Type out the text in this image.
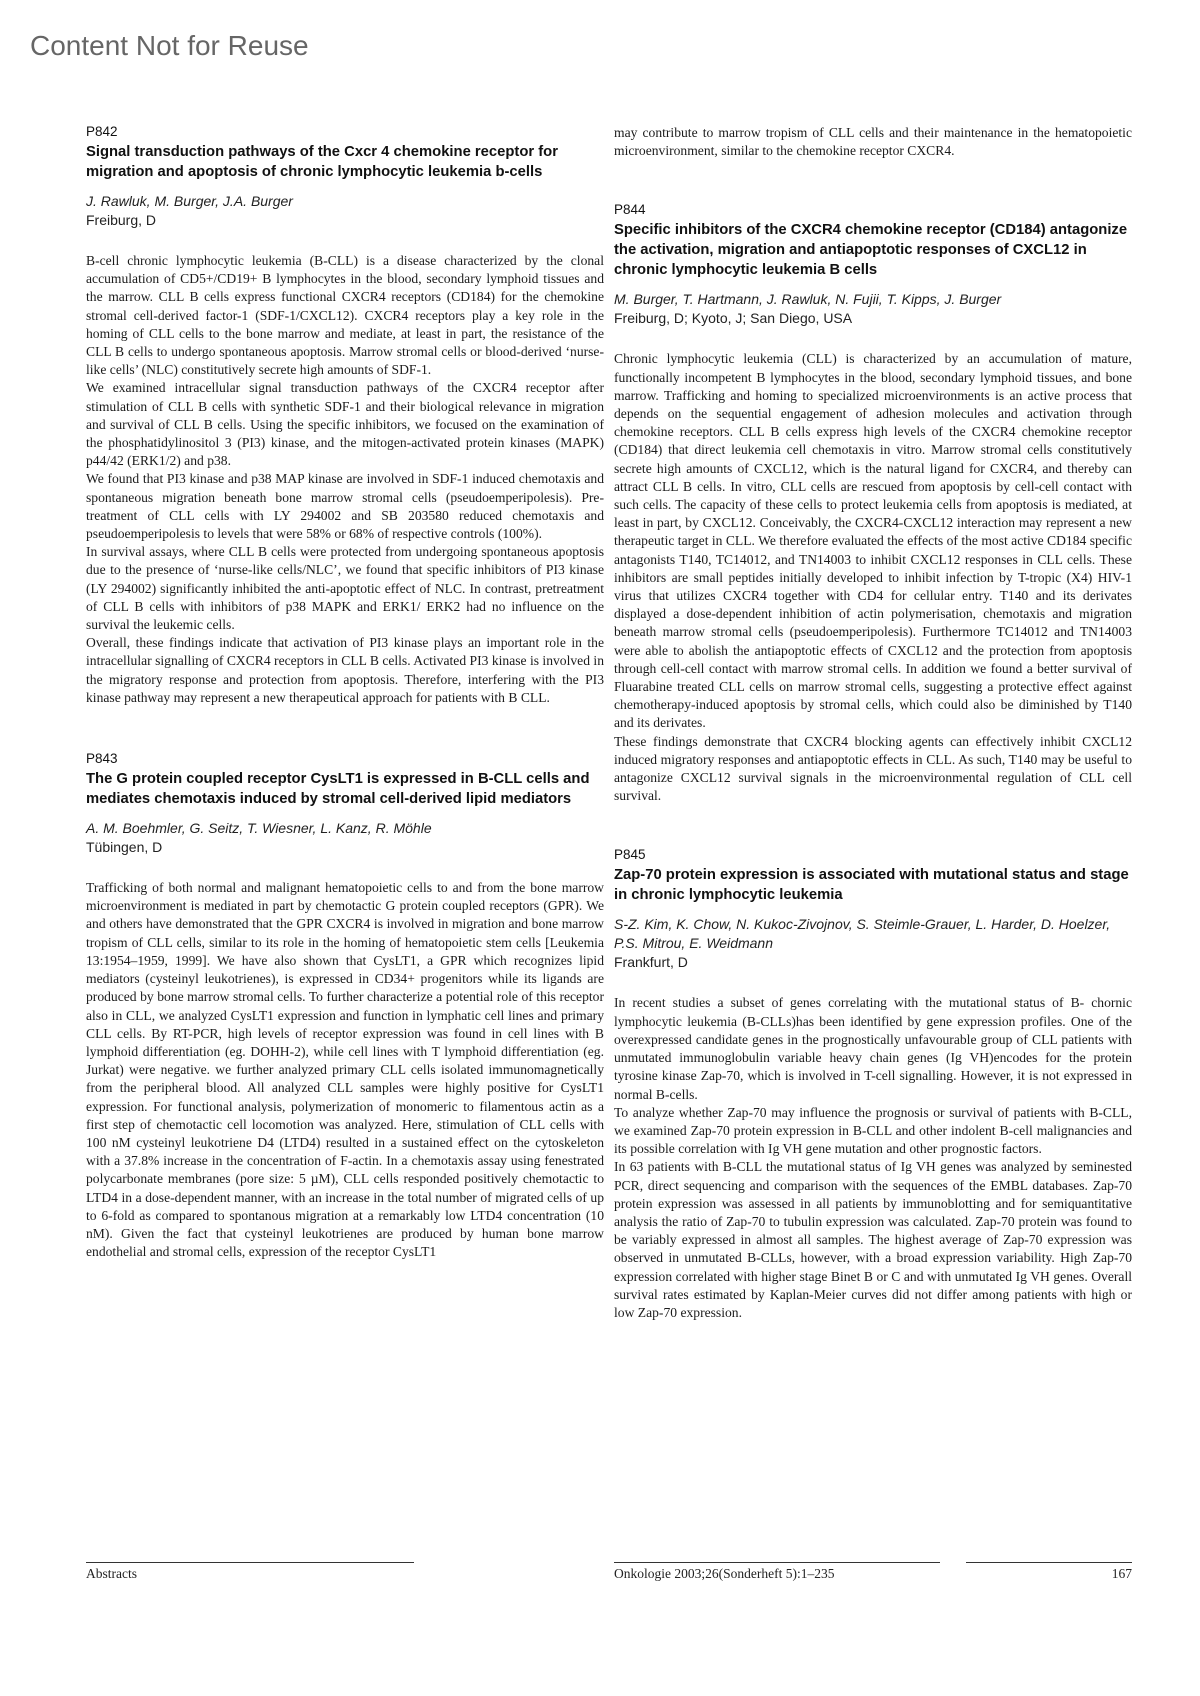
Content Not for Reuse
P842
Signal transduction pathways of the Cxcr 4 chemokine receptor for migration and apoptosis of chronic lymphocytic leukemia b-cells
J. Rawluk, M. Burger, J.A. Burger
Freiburg, D

B-cell chronic lymphocytic leukemia (B-CLL) is a disease characterized by the clonal accumulation of CD5+/CD19+ B lymphocytes in the blood, secondary lymphoid tissues and the marrow. CLL B cells express functional CXCR4 receptors (CD184) for the chemokine stromal cell-derived factor-1 (SDF-1/CXCL12). CXCR4 receptors play a key role in the homing of CLL cells to the bone marrow and mediate, at least in part, the resistance of the CLL B cells to undergo spontaneous apoptosis. Marrow stromal cells or blood-derived ‘nurse-like cells’ (NLC) constitutively secrete high amounts of SDF-1.

We examined intracellular signal transduction pathways of the CXCR4 receptor after stimulation of CLL B cells with synthetic SDF-1 and their biological relevance in migration and survival of CLL B cells. Using the specific inhibitors, we focused on the examination of the phosphatidylinositol 3 (PI3) kinase, and the mitogen-activated protein kinases (MAPK) p44/42 (ERK1/2) and p38.

We found that PI3 kinase and p38 MAP kinase are involved in SDF-1 induced chemotaxis and spontaneous migration beneath bone marrow stromal cells (pseudoemperipolesis). Pre-treatment of CLL cells with LY 294002 and SB 203580 reduced chemotaxis and pseudoemperipolesis to levels that were 58% or 68% of respective controls (100%).

In survival assays, where CLL B cells were protected from undergoing spontaneous apoptosis due to the presence of ‘nurse-like cells/NLC’, we found that specific inhibitors of PI3 kinase (LY 294002) significantly inhibited the anti-apoptotic effect of NLC. In contrast, pretreatment of CLL B cells with inhibitors of p38 MAPK and ERK1/ ERK2 had no influence on the survival the leukemic cells.

Overall, these findings indicate that activation of PI3 kinase plays an important role in the intracellular signalling of CXCR4 receptors in CLL B cells. Activated PI3 kinase is involved in the migratory response and protection from apoptosis. Therefore, interfering with the PI3 kinase pathway may represent a new therapeutical approach for patients with B CLL.

P843
The G protein coupled receptor CysLT1 is expressed in B-CLL cells and mediates chemotaxis induced by stromal cell-derived lipid mediators
A. M. Boehmler, G. Seitz, T. Wiesner, L. Kanz, R. Möhle
Tübingen, D

Trafficking of both normal and malignant hematopoietic cells to and from the bone marrow microenvironment is mediated in part by chemotactic G protein coupled receptors (GPR). We and others have demonstrated that the GPR CXCR4 is involved in migration and bone marrow tropism of CLL cells, similar to its role in the homing of hematopoietic stem cells [Leukemia 13:1954–1959, 1999]. We have also shown that CysLT1, a GPR which recognizes lipid mediators (cysteinyl leukotrienes), is expressed in CD34+ progenitors while its ligands are produced by bone marrow stromal cells. To further characterize a potential role of this receptor also in CLL, we analyzed CysLT1 expression and function in lymphatic cell lines and primary CLL cells. By RT-PCR, high levels of receptor expression was found in cell lines with B lymphoid differentiation (eg. DOHH-2), while cell lines with T lymphoid differentiation (eg. Jurkat) were negative. we further analyzed primary CLL cells isolated immunomagnetically from the peripheral blood. All analyzed CLL samples were highly positive for CysLT1 expression. For functional analysis, polymerization of monomeric to filamentous actin as a first step of chemotactic cell locomotion was analyzed. Here, stimulation of CLL cells with 100 nM cysteinyl leukotriene D4 (LTD4) resulted in a sustained effect on the cytoskeleton with a 37.8% increase in the concentration of F-actin. In a chemotaxis assay using fenestrated polycarbonate membranes (pore size: 5 µM), CLL cells responded positively chemotactic to LTD4 in a dose-dependent manner, with an increase in the total number of migrated cells of up to 6-fold as compared to spontanous migration at a remarkably low LTD4 concentration (10 nM). Given the fact that cysteinyl leukotrienes are produced by human bone marrow endothelial and stromal cells, expression of the receptor CysLT1

may contribute to marrow tropism of CLL cells and their maintenance in the hematopoietic microenvironment, similar to the chemokine receptor CXCR4.

P844
Specific inhibitors of the CXCR4 chemokine receptor (CD184) antagonize the activation, migration and antiapoptotic responses of CXCL12 in chronic lymphocytic leukemia B cells
M. Burger, T. Hartmann, J. Rawluk, N. Fujii, T. Kipps, J. Burger
Freiburg, D; Kyoto, J; San Diego, USA

Chronic lymphocytic leukemia (CLL) is characterized by an accumulation of mature, functionally incompetent B lymphocytes in the blood, secondary lymphoid tissues, and bone marrow. Trafficking and homing to specialized microenvironments is an active process that depends on the sequential engagement of adhesion molecules and activation through chemokine receptors. CLL B cells express high levels of the CXCR4 chemokine receptor (CD184) that direct leukemia cell chemotaxis in vitro. Marrow stromal cells constitutively secrete high amounts of CXCL12, which is the natural ligand for CXCR4, and thereby can attract CLL B cells. In vitro, CLL cells are rescued from apoptosis by cell-cell contact with such cells. The capacity of these cells to protect leukemia cells from apoptosis is mediated, at least in part, by CXCL12. Conceivably, the CXCR4-CXCL12 interaction may represent a new therapeutic target in CLL. We therefore evaluated the effects of the most active CD184 specific antagonists T140, TC14012, and TN14003 to inhibit CXCL12 responses in CLL cells. These inhibitors are small peptides initially developed to inhibit infection by T-tropic (X4) HIV-1 virus that utilizes CXCR4 together with CD4 for cellular entry. T140 and its derivates displayed a dose-dependent inhibition of actin polymerisation, chemotaxis and migration beneath marrow stromal cells (pseudoemperipolesis). Furthermore TC14012 and TN14003 were able to abolish the antiapoptotic effects of CXCL12 and the protection from apoptosis through cell-cell contact with marrow stromal cells. In addition we found a better survival of Fluarabine treated CLL cells on marrow stromal cells, suggesting a protective effect against chemotherapy-induced apoptosis by stromal cells, which could also be diminished by T140 and its derivates.

These findings demonstrate that CXCR4 blocking agents can effectively inhibit CXCL12 induced migratory responses and antiapoptotic effects in CLL. As such, T140 may be useful to antagonize CXCL12 survival signals in the microenvironmental regulation of CLL cell survival.

P845
Zap-70 protein expression is associated with mutational status and stage in chronic lymphocytic leukemia
S-Z. Kim, K. Chow, N. Kukoc-Zivojnov, S. Steimle-Grauer, L. Harder, D. Hoelzer, P.S. Mitrou, E. Weidmann
Frankfurt, D

In recent studies a subset of genes correlating with the mutational status of B- chornic lymphocytic leukemia (B-CLLs)has been identified by gene expression profiles. One of the overexpressed candidate genes in the prognostically unfavourable group of CLL patients with unmutated immunoglobulin variable heavy chain genes (Ig VH)encodes for the protein tyrosine kinase Zap-70, which is involved in T-cell signalling. However, it is not expressed in normal B-cells.

To analyze whether Zap-70 may influence the prognosis or survival of patients with B-CLL, we examined Zap-70 protein expression in B-CLL and other indolent B-cell malignancies and its possible correlation with Ig VH gene mutation and other prognostic factors.

In 63 patients with B-CLL the mutational status of Ig VH genes was analyzed by seminested PCR, direct sequencing and comparison with the sequences of the EMBL databases. Zap-70 protein expression was assessed in all patients by immunoblotting and for semiquantitative analysis the ratio of Zap-70 to tubulin expression was calculated. Zap-70 protein was found to be variably expressed in almost all samples. The highest average of Zap-70 expression was observed in unmutated B-CLLs, however, with a broad expression variability. High Zap-70 expression correlated with higher stage Binet B or C and with unmutated Ig VH genes. Overall survival rates estimated by Kaplan-Meier curves did not differ among patients with high or low Zap-70 expression.

Abstracts	Onkologie 2003;26(Sonderheft 5):1–235	167
